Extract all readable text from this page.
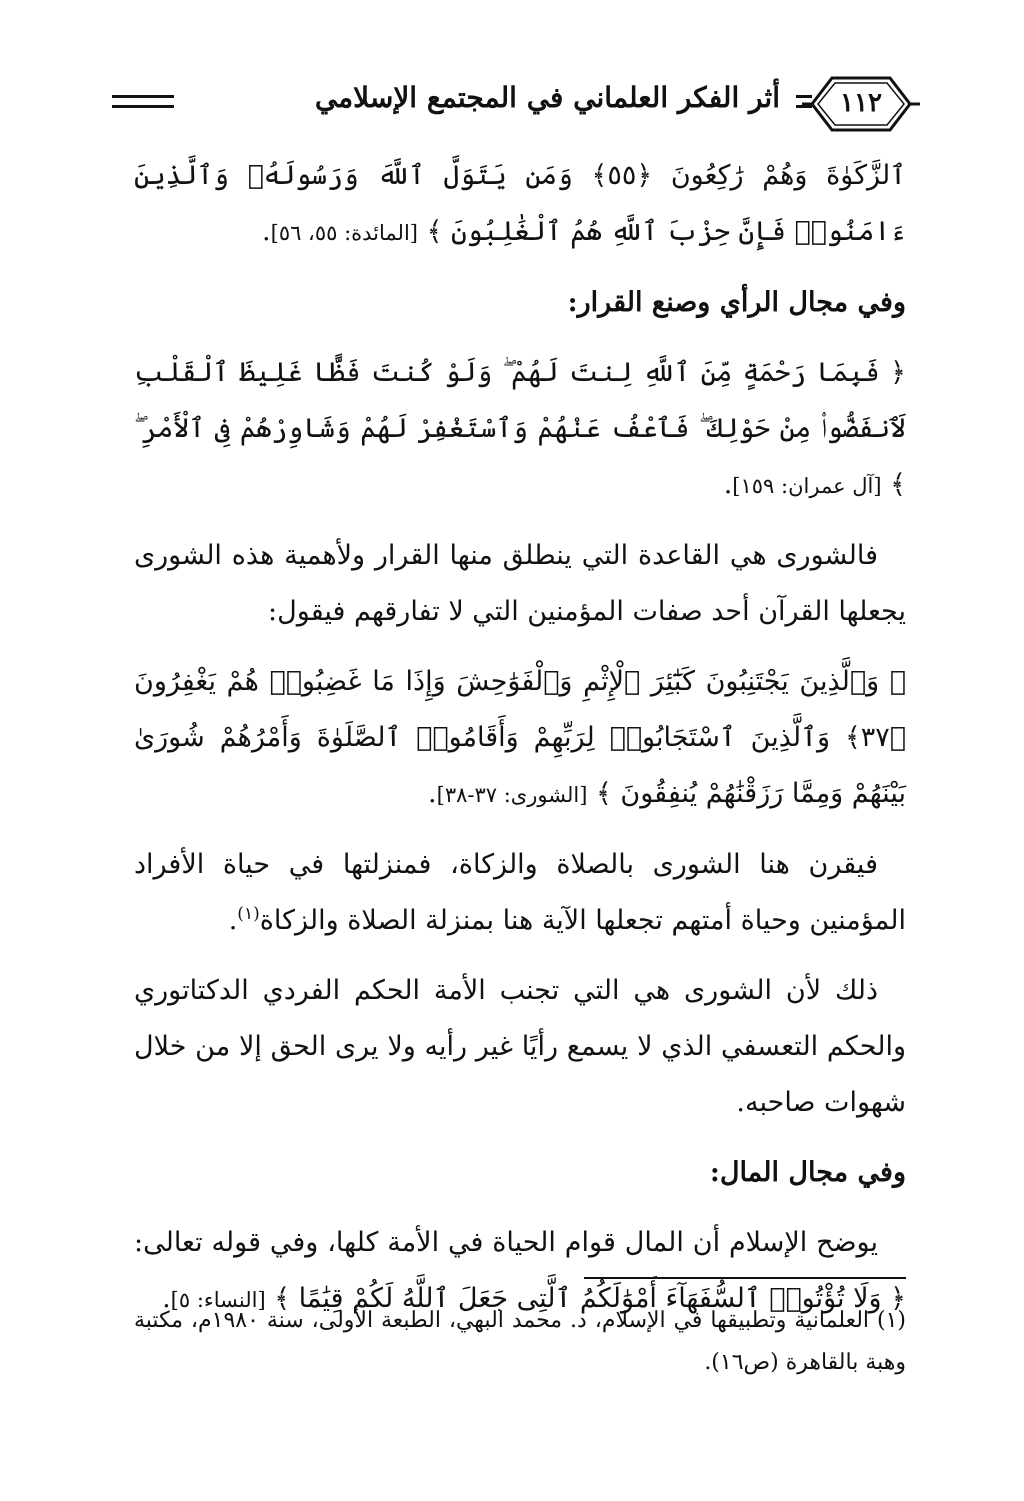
١١٢
أثر الفكر العلماني في المجتمع الإسلامي

ٱلزَّكَوٰةَ وَهُمْ رَٰكِعُونَ ﴿٥٥﴾ وَمَن يَتَوَلَّ ٱللَّهَ وَرَسُولَهُۥ وَٱلَّذِينَ ءَامَنُوا۟ فَإِنَّ حِزْبَ ٱللَّهِ هُمُ ٱلْغَٰلِبُونَ ﴾ [المائدة: ٥٥، ٥٦].

وفي مجال الرأي وصنع القرار:

﴿ فَبِمَا رَحْمَةٍ مِّنَ ٱللَّهِ لِنتَ لَهُمْ ۖ وَلَوْ كُنتَ فَظًّا غَلِيظَ ٱلْقَلْبِ لَٱنفَضُّوا۟ مِنْ حَوْلِكَ ۖ فَٱعْفُ عَنْهُمْ وَٱسْتَغْفِرْ لَهُمْ وَشَاوِرْهُمْ فِى ٱلْأَمْرِ ۖ ﴾ [آل عمران: ١٥٩].

فالشورى هي القاعدة التي ينطلق منها القرار ولأهمية هذه الشورى يجعلها القرآن أحد صفات المؤمنين التي لا تفارقهم فيقول:

﴿ وَٱلَّذِينَ يَجْتَنِبُونَ كَبَٰٓئِرَ ٱلْإِثْمِ وَٱلْفَوَٰحِشَ وَإِذَا مَا غَضِبُوا۟ هُمْ يَغْفِرُونَ ﴿٣٧﴾ وَٱلَّذِينَ ٱسْتَجَابُوا۟ لِرَبِّهِمْ وَأَقَامُوا۟ ٱلصَّلَوٰةَ وَأَمْرُهُمْ شُورَىٰ بَيْنَهُمْ وَمِمَّا رَزَقْنَٰهُمْ يُنفِقُونَ ﴾ [الشورى: ٣٧-٣٨].

فيقرن هنا الشورى بالصلاة والزكاة، فمنزلتها في حياة الأفراد المؤمنين وحياة أمتهم تجعلها الآية هنا بمنزلة الصلاة والزكاة$^{(١)}$.

ذلك لأن الشورى هي التي تجنب الأمة الحكم الفردي الدكتاتوري والحكم التعسفي الذي لا يسمع رأيًا غير رأيه ولا يرى الحق إلا من خلال شهوات صاحبه.

وفي مجال المال:

يوضح الإسلام أن المال قوام الحياة في الأمة كلها، وفي قوله تعالى: ﴿ وَلَا تُؤْتُوا۟ ٱلسُّفَهَآءَ أَمْوَٰلَكُمُ ٱلَّتِى جَعَلَ ٱللَّهُ لَكُمْ قِيَٰمًا ﴾ [النساء: ٥].

(١) العلمانية وتطبيقها في الإسلام، د. محمد البهي، الطبعة الأولى، سنة ١٩٨٠م، مكتبة وهبة بالقاهرة (ص١٦).
